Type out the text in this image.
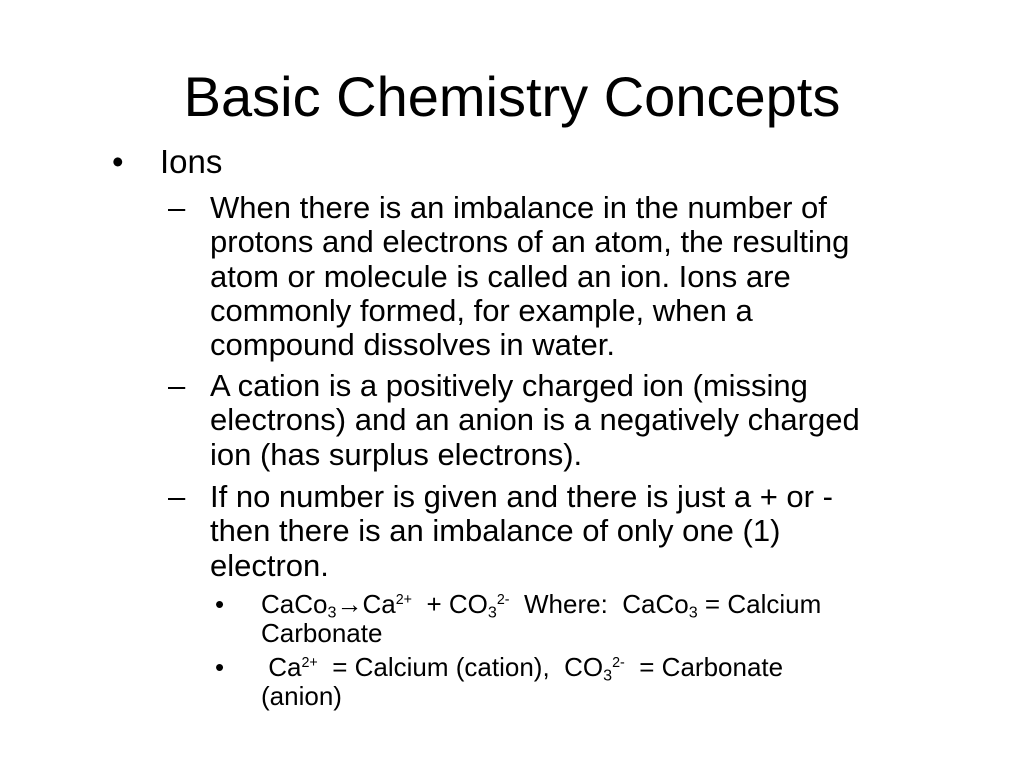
Basic Chemistry Concepts
• Ions
– When there is an imbalance in the number of
protons and electrons of an atom, the resulting
atom or molecule is called an ion. Ions are
commonly formed, for example, when a
compound dissolves in water.
– A cation is a positively charged ion (missing
electrons) and an anion is a negatively charged
ion (has surplus electrons).
– If no number is given and there is just a + or -
then there is an imbalance of only one (1)
electron.
• $CaCo_3\to Ca^{2+} + CO_3^{2-}$  Where:  CaCo$_3$ = Calcium
Carbonate
• $Ca^{2+}$  = Calcium (cation),  $CO_3^{2-}$  = Carbonate
(anion)
